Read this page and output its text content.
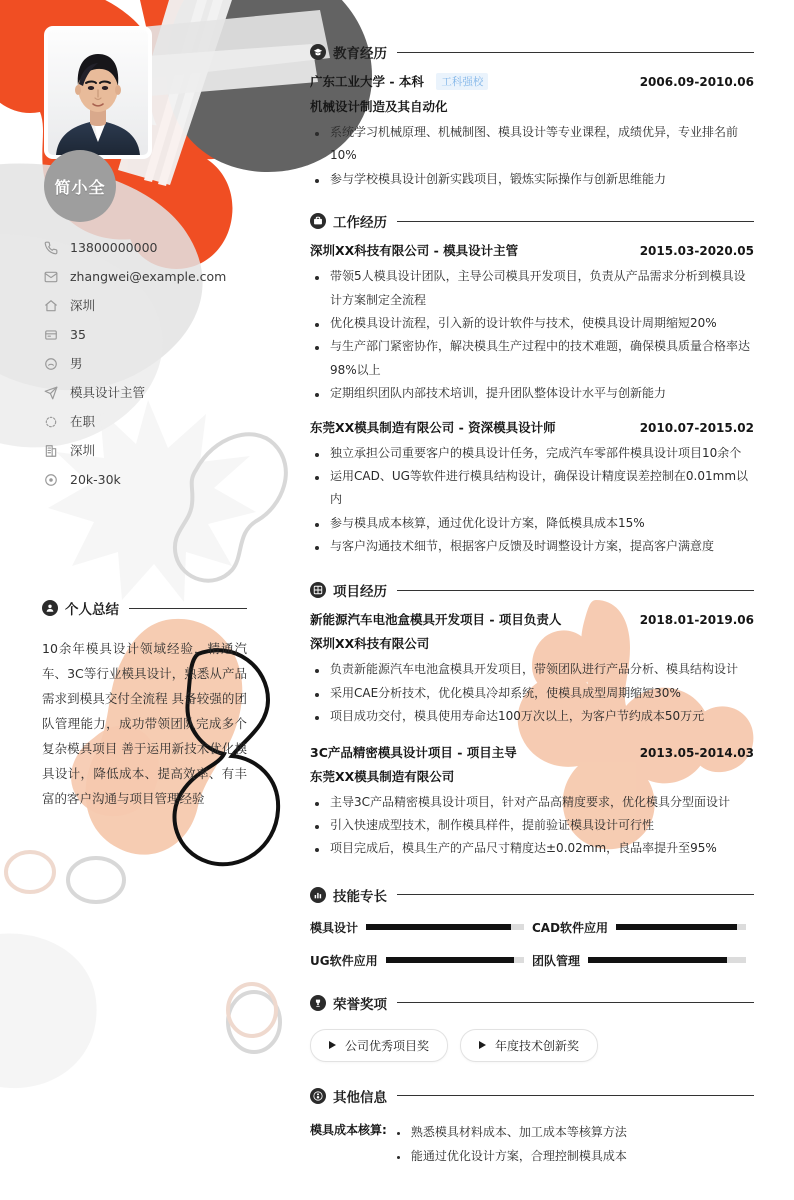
简小全
13800000000
zhangwei@example.com
深圳
35
男
模具设计主管
在职
深圳
20k-30k
个人总结
10余年模具设计领域经验，精通汽车、3C等行业模具设计，熟悉从产品需求到模具交付全流程 具备较强的团队管理能力，成功带领团队完成多个复杂模具项目 善于运用新技术优化模具设计，降低成本、提高效率、有丰富的客户沟通与项目管理经验
教育经历
广东工业大学 - 本科 工科强校	2006.09-2010.06
机械设计制造及其自动化
系统学习机械原理、机械制图、模具设计等专业课程，成绩优异，专业排名前10%
参与学校模具设计创新实践项目，锻炼实际操作与创新思维能力
工作经历
深圳XX科技有限公司 - 模具设计主管	2015.03-2020.05
带领5人模具设计团队，主导公司模具开发项目，负责从产品需求分析到模具设计方案制定全流程
优化模具设计流程，引入新的设计软件与技术，使模具设计周期缩短20%
与生产部门紧密协作，解决模具生产过程中的技术难题，确保模具质量合格率达98%以上
定期组织团队内部技术培训，提升团队整体设计水平与创新能力
东莞XX模具制造有限公司 - 资深模具设计师	2010.07-2015.02
独立承担公司重要客户的模具设计任务，完成汽车零部件模具设计项目10余个
运用CAD、UG等软件进行模具结构设计，确保设计精度误差控制在0.01mm以内
参与模具成本核算，通过优化设计方案，降低模具成本15%
与客户沟通技术细节，根据客户反馈及时调整设计方案，提高客户满意度
项目经历
新能源汽车电池盒模具开发项目 - 项目负责人	2018.01-2019.06
深圳XX科技有限公司
负责新能源汽车电池盒模具开发项目，带领团队进行产品分析、模具结构设计
采用CAE分析技术，优化模具冷却系统，使模具成型周期缩短30%
项目成功交付，模具使用寿命达100万次以上，为客户节约成本50万元
3C产品精密模具设计项目 - 项目主导	2013.05-2014.03
东莞XX模具制造有限公司
主导3C产品精密模具设计项目，针对产品高精度要求，优化模具分型面设计
引入快速成型技术，制作模具样件，提前验证模具设计可行性
项目完成后，模具生产的产品尺寸精度达±0.02mm，良品率提升至95%
技能专长
模具设计	CAD软件应用
UG软件应用	团队管理
荣誉奖项
公司优秀项目奖	年度技术创新奖
其他信息
模具成本核算:	熟悉模具材料成本、加工成本等核算方法
能通过优化设计方案，合理控制模具成本
